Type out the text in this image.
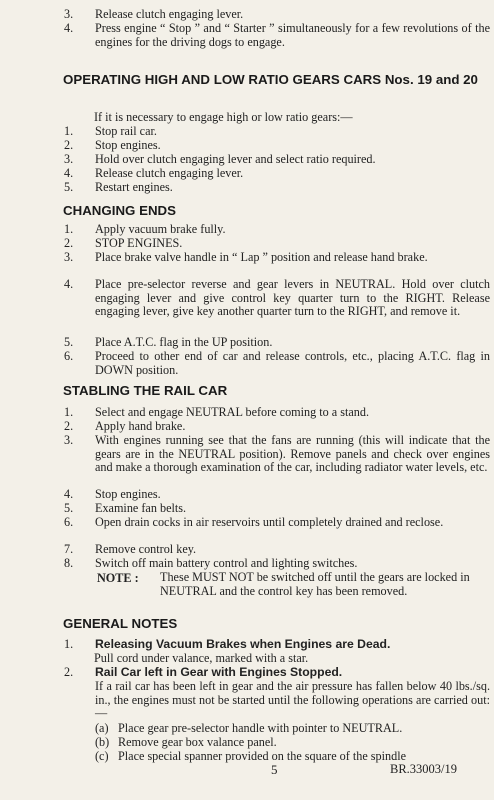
3.	Release clutch engaging lever.
4.	Press engine “ Stop ” and “ Starter ” simultaneously for a few revolutions of the engines for the driving dogs to engage.
OPERATING HIGH AND LOW RATIO GEARS CARS Nos. 19 and 20
If it is necessary to engage high or low ratio gears:—
1.	Stop rail car.
2.	Stop engines.
3.	Hold over clutch engaging lever and select ratio required.
4.	Release clutch engaging lever.
5.	Restart engines.
CHANGING ENDS
1.	Apply vacuum brake fully.
2.	STOP ENGINES.
3.	Place brake valve handle in “ Lap ” position and release hand brake.
4.	Place pre-selector reverse and gear levers in NEUTRAL. Hold over clutch engaging lever and give control key quarter turn to the RIGHT. Release engaging lever, give key another quarter turn to the RIGHT, and remove it.
5.	Place A.T.C. flag in the UP position.
6.	Proceed to other end of car and release controls, etc., placing A.T.C. flag in DOWN position.
STABLING THE RAIL CAR
1.	Select and engage NEUTRAL before coming to a stand.
2.	Apply hand brake.
3.	With engines running see that the fans are running (this will indicate that the gears are in the NEUTRAL position). Remove panels and check over engines and make a thorough examination of the car, including radiator water levels, etc.
4.	Stop engines.
5.	Examine fan belts.
6.	Open drain cocks in air reservoirs until completely drained and reclose.
7.	Remove control key.
8.	Switch off main battery control and lighting switches.
NOTE : These MUST NOT be switched off until the gears are locked in NEUTRAL and the control key has been removed.
GENERAL NOTES
1.	Releasing Vacuum Brakes when Engines are Dead.
Pull cord under valance, marked with a star.
2.	Rail Car left in Gear with Engines Stopped.
If a rail car has been left in gear and the air pressure has fallen below 40 lbs./sq. in., the engines must not be started until the following operations are carried out:—
(a) Place gear pre-selector handle with pointer to NEUTRAL.
(b) Remove gear box valance panel.
(c) Place special spanner provided on the square of the spindle
5	BR.33003/19
